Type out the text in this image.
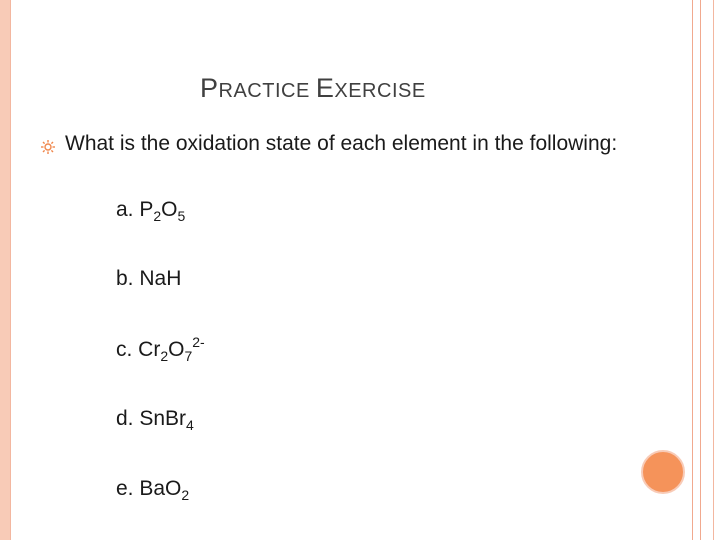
PRACTICE EXERCISE
What is the oxidation state of each element in the following:
a. $P_2O_5$
b. NaH
c. $Cr_2O_7^{2-}$
d. SnBr$_4$
e. BaO$_2$
